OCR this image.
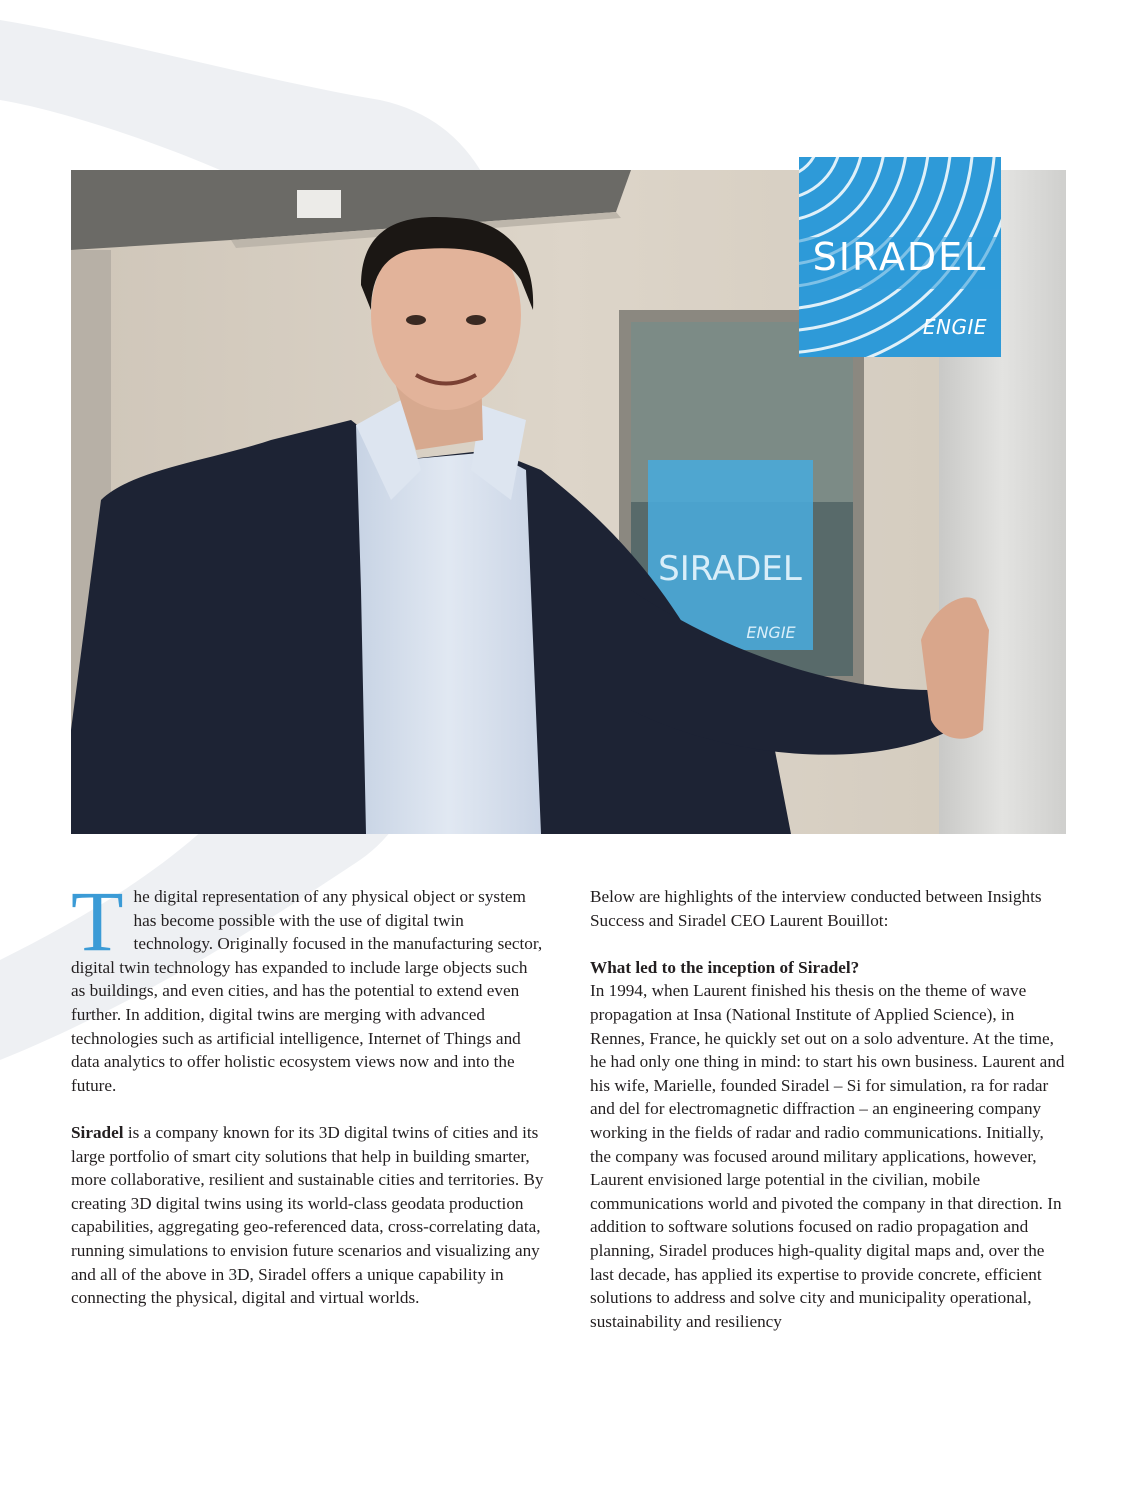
SIRADEL
ENGIE
SIRADEL
ENGIE

The digital representation of any physical object or system has become possible with the use of digital twin technology. Originally focused in the manufacturing sector, digital twin technology has expanded to include large objects such as buildings, and even cities, and has the potential to extend even further. In addition, digital twins are merging with advanced technologies such as artificial intelligence, Internet of Things and data analytics to offer holistic ecosystem views now and into the future.

Siradel is a company known for its 3D digital twins of cities and its large portfolio of smart city solutions that help in building smarter, more collaborative, resilient and sustainable cities and territories. By creating 3D digital twins using its world-class geodata production capabilities, aggregating geo-referenced data, cross-correlating data, running simulations to envision future scenarios and visualizing any and all of the above in 3D, Siradel offers a unique capability in connecting the physical, digital and virtual worlds.

Below are highlights of the interview conducted between Insights Success and Siradel CEO Laurent Bouillot:

What led to the inception of Siradel?

In 1994, when Laurent finished his thesis on the theme of wave propagation at Insa (National Institute of Applied Science), in Rennes, France, he quickly set out on a solo adventure. At the time, he had only one thing in mind: to start his own business. Laurent and his wife, Marielle, founded Siradel – Si for simulation, ra for radar and del for electromagnetic diffraction – an engineering company working in the fields of radar and radio communications. Initially, the company was focused around military applications, however, Laurent envisioned large potential in the civilian, mobile communications world and pivoted the company in that direction. In addition to software solutions focused on radio propagation and planning, Siradel produces high-quality digital maps and, over the last decade, has applied its expertise to provide concrete, efficient solutions to address and solve city and municipality operational, sustainability and resiliency
